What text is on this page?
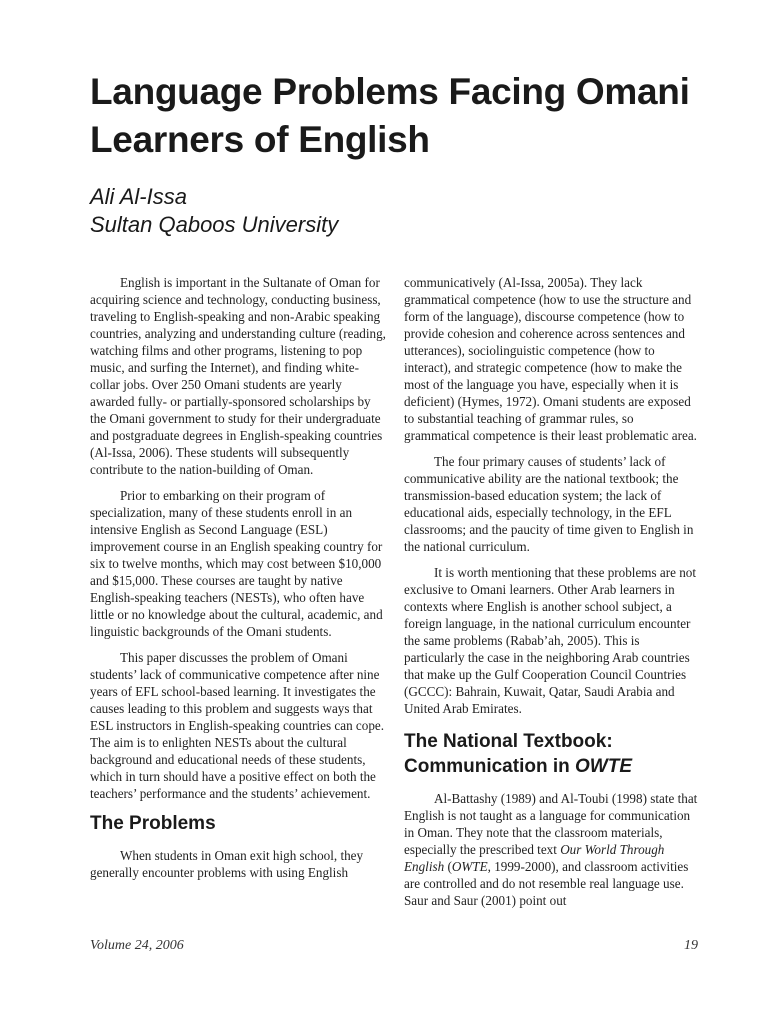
Language Problems Facing Omani Learners of English
Ali Al-Issa
Sultan Qaboos University

English is important in the Sultanate of Oman for acquiring science and technology, conducting business, traveling to English-speaking and non-Arabic speaking countries, analyzing and understanding culture (reading, watching films and other programs, listening to pop music, and surfing the Internet), and finding white-collar jobs. Over 250 Omani students are yearly awarded fully- or partially-sponsored scholarships by the Omani government to study for their undergraduate and postgraduate degrees in English-speaking countries (Al-Issa, 2006). These students will subsequently contribute to the nation-building of Oman.

Prior to embarking on their program of specialization, many of these students enroll in an intensive English as Second Language (ESL) improvement course in an English speaking country for six to twelve months, which may cost between $10,000 and $15,000. These courses are taught by native English-speaking teachers (NESTs), who often have little or no knowledge about the cultural, academic, and linguistic backgrounds of the Omani students.

This paper discusses the problem of Omani students’ lack of communicative competence after nine years of EFL school-based learning. It investigates the causes leading to this problem and suggests ways that ESL instructors in English-speaking countries can cope. The aim is to enlighten NESTs about the cultural background and educational needs of these students, which in turn should have a positive effect on both the teachers’ performance and the students’ achievement.

The Problems

When students in Oman exit high school, they generally encounter problems with using English

communicatively (Al-Issa, 2005a). They lack grammatical competence (how to use the structure and form of the language), discourse competence (how to provide cohesion and coherence across sentences and utterances), sociolinguistic competence (how to interact), and strategic competence (how to make the most of the language you have, especially when it is deficient) (Hymes, 1972). Omani students are exposed to substantial teaching of grammar rules, so grammatical competence is their least problematic area.

The four primary causes of students’ lack of communicative ability are the national textbook; the transmission-based education system; the lack of educational aids, especially technology, in the EFL classrooms; and the paucity of time given to English in the national curriculum.

It is worth mentioning that these problems are not exclusive to Omani learners. Other Arab learners in contexts where English is another school subject, a foreign language, in the national curriculum encounter the same problems (Rabab’ah, 2005). This is particularly the case in the neighboring Arab countries that make up the Gulf Cooperation Council Countries (GCCC): Bahrain, Kuwait, Qatar, Saudi Arabia and United Arab Emirates.

The National Textbook:
Communication in OWTE

Al-Battashy (1989) and Al-Toubi (1998) state that English is not taught as a language for communication in Oman. They note that the classroom materials, especially the prescribed text Our World Through English (OWTE, 1999-2000), and classroom activities are controlled and do not resemble real language use. Saur and Saur (2001) point out

Volume 24, 2006	19
